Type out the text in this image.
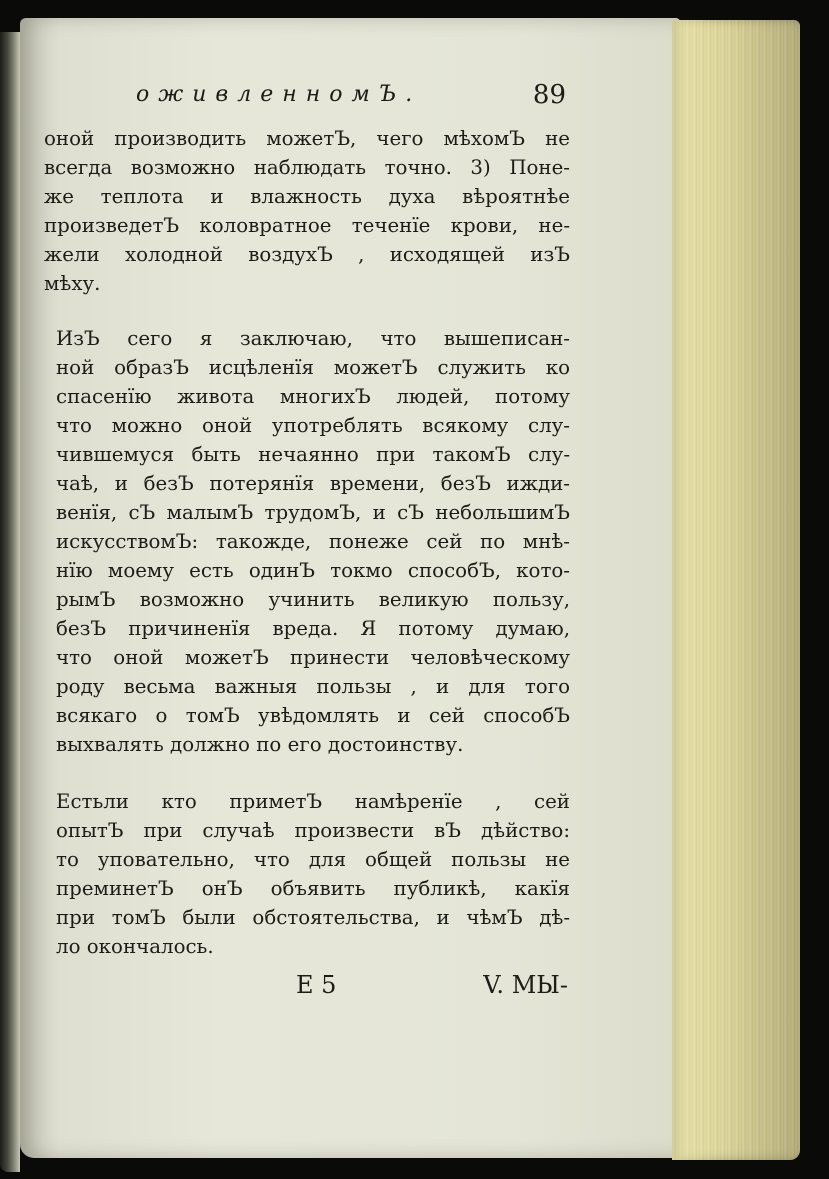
оживленномЪ.	89

оной производить можетЪ, чего мѣхомЪ не
всегда возможно наблюдать точно. 3) Поне-
же теплота и влажность духа вѣроятнѣе
произведетЪ коловратное теченїе крови, не-
жели холодной воздухЪ , исходящей изЪ
мѣху.

ИзЪ сего я заключаю, что вышеписан-
ной образЪ исцѣленїя можетЪ служить ко
спасенїю живота многихЪ людей, потому
что можно оной употреблять всякому слу-
чившемуся быть нечаянно при такомЪ слу-
чаѣ, и безЪ потерянїя времени, безЪ ижди-
венїя, сЪ малымЪ трудомЪ, и сЪ небольшимЪ
искусствомЪ: такожде, понеже сей по мнѣ-
нїю моему есть одинЪ токмо способЪ, кото-
рымЪ возможно учинить великую пользу,
безЪ причиненїя вреда. Я потому думаю,
что оной можетЪ принести человѣческому
роду весьма важныя пользы , и для того
всякаго о томЪ увѣдомлять и сей способЪ
выхвалять должно по его достоинству.

Естьли кто приметЪ намѣренїе , сей
опытЪ при случаѣ произвести вЪ дѣйство:
то уповательно, что для общей пользы не
преминетЪ онЪ объявить публикѣ, какїя
при томЪ были обстоятельства, и чѣмЪ дѣ-
ло окончалось.

E 5	V. МЫ-
